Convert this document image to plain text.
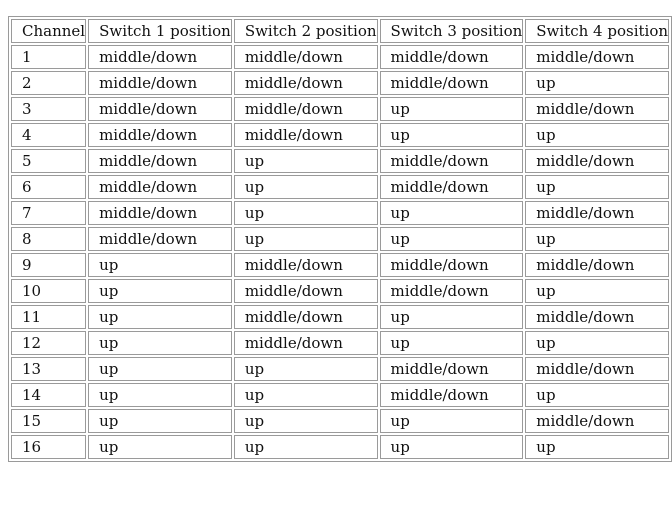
Channel	Switch 1 position	Switch 2 position	Switch 3 position	Switch 4 position
1	middle/down	middle/down	middle/down	middle/down
2	middle/down	middle/down	middle/down	up
3	middle/down	middle/down	up	middle/down
4	middle/down	middle/down	up	up
5	middle/down	up	middle/down	middle/down
6	middle/down	up	middle/down	up
7	middle/down	up	up	middle/down
8	middle/down	up	up	up
9	up	middle/down	middle/down	middle/down
10	up	middle/down	middle/down	up
11	up	middle/down	up	middle/down
12	up	middle/down	up	up
13	up	up	middle/down	middle/down
14	up	up	middle/down	up
15	up	up	up	middle/down
16	up	up	up	up
